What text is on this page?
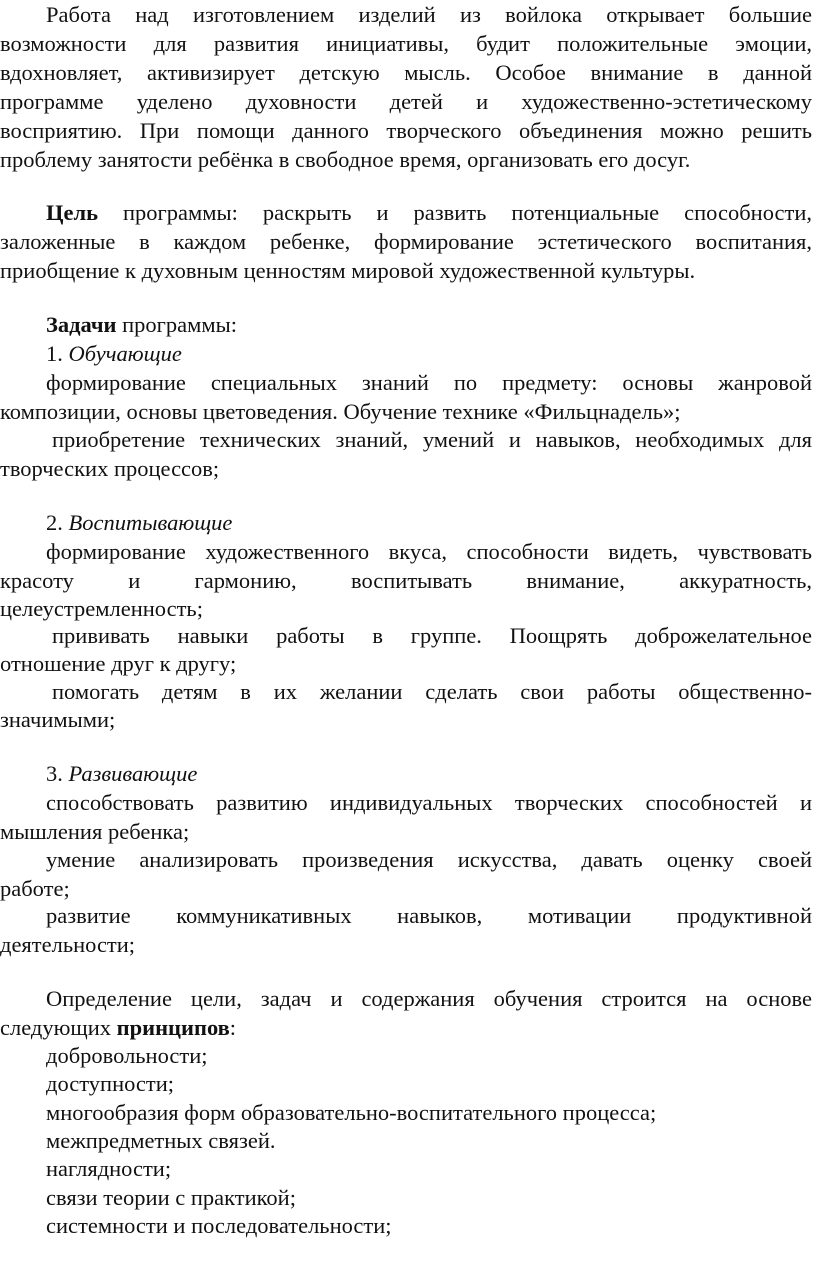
Работа над изготовлением изделий из войлока открывает большие

возможности для развития инициативы, будит положительные эмоции,

вдохновляет, активизирует детскую мысль. Особое внимание в данной

программе уделено духовности детей и художественно-эстетическому

восприятию. При помощи данного творческого объединения можно решить

проблему занятости ребёнка в свободное время, организовать его досуг.

Цель программы: раскрыть и развить потенциальные способности,

заложенные в каждом ребенке, формирование эстетического воспитания,

приобщение к духовным ценностям мировой художественной культуры.

Задачи программы:

1. Обучающие

формирование специальных знаний по предмету: основы жанровой

композиции, основы цветоведения. Обучение технике «Фильцнадель»;

приобретение технических знаний, умений и навыков, необходимых для

творческих процессов;

2. Воспитывающие

формирование художественного вкуса, способности видеть, чувствовать

красоту и гармонию, воспитывать внимание, аккуратность,

целеустремленность;

прививать навыки работы в группе. Поощрять доброжелательное

отношение друг к другу;

помогать детям в их желании сделать свои работы общественно-

значимыми;

3. Развивающие

способствовать развитию индивидуальных творческих способностей и

мышления ребенка;

умение анализировать произведения искусства, давать оценку своей

работе;

развитие коммуникативных навыков, мотивации продуктивной

деятельности;

Определение цели, задач и содержания обучения строится на основе

следующих принципов:

добровольности;

доступности;

многообразия форм образовательно-воспитательного процесса;

межпредметных связей.

наглядности;

связи теории с практикой;

системности и последовательности;
